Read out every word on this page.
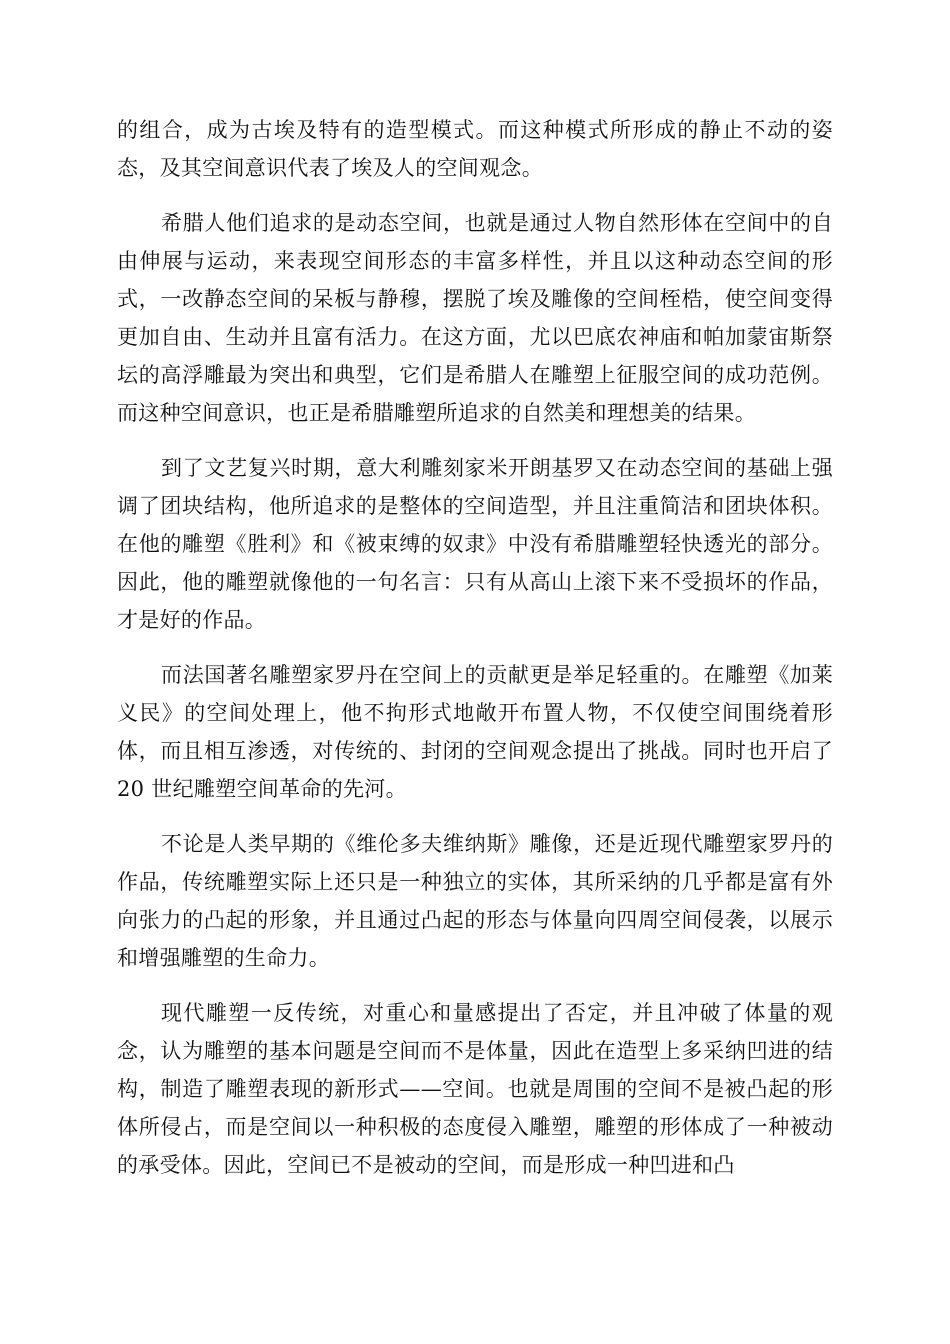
的组合，成为古埃及特有的造型模式。而这种模式所形成的静止不动的姿态，及其空间意识代表了埃及人的空间观念。

希腊人他们追求的是动态空间，也就是通过人物自然形体在空间中的自由伸展与运动，来表现空间形态的丰富多样性，并且以这种动态空间的形式，一改静态空间的呆板与静穆，摆脱了埃及雕像的空间桎梏，使空间变得更加自由、生动并且富有活力。在这方面，尤以巴底农神庙和帕加蒙宙斯祭坛的高浮雕最为突出和典型，它们是希腊人在雕塑上征服空间的成功范例。而这种空间意识，也正是希腊雕塑所追求的自然美和理想美的结果。

到了文艺复兴时期，意大利雕刻家米开朗基罗又在动态空间的基础上强调了团块结构，他所追求的是整体的空间造型，并且注重简洁和团块体积。在他的雕塑《胜利》和《被束缚的奴隶》中没有希腊雕塑轻快透光的部分。因此，他的雕塑就像他的一句名言：只有从高山上滚下来不受损坏的作品，才是好的作品。

而法国著名雕塑家罗丹在空间上的贡献更是举足轻重的。在雕塑《加莱义民》的空间处理上，他不拘形式地敞开布置人物，不仅使空间围绕着形体，而且相互渗透，对传统的、封闭的空间观念提出了挑战。同时也开启了 20 世纪雕塑空间革命的先河。

不论是人类早期的《维伦多夫维纳斯》雕像，还是近现代雕塑家罗丹的作品，传统雕塑实际上还只是一种独立的实体，其所采纳的几乎都是富有外向张力的凸起的形象，并且通过凸起的形态与体量向四周空间侵袭，以展示和增强雕塑的生命力。

现代雕塑一反传统，对重心和量感提出了否定，并且冲破了体量的观念，认为雕塑的基本问题是空间而不是体量，因此在造型上多采纳凹进的结构，制造了雕塑表现的新形式——空间。也就是周围的空间不是被凸起的形体所侵占，而是空间以一种积极的态度侵入雕塑，雕塑的形体成了一种被动的承受体。因此，空间已不是被动的空间，而是形成一种凹进和凸
